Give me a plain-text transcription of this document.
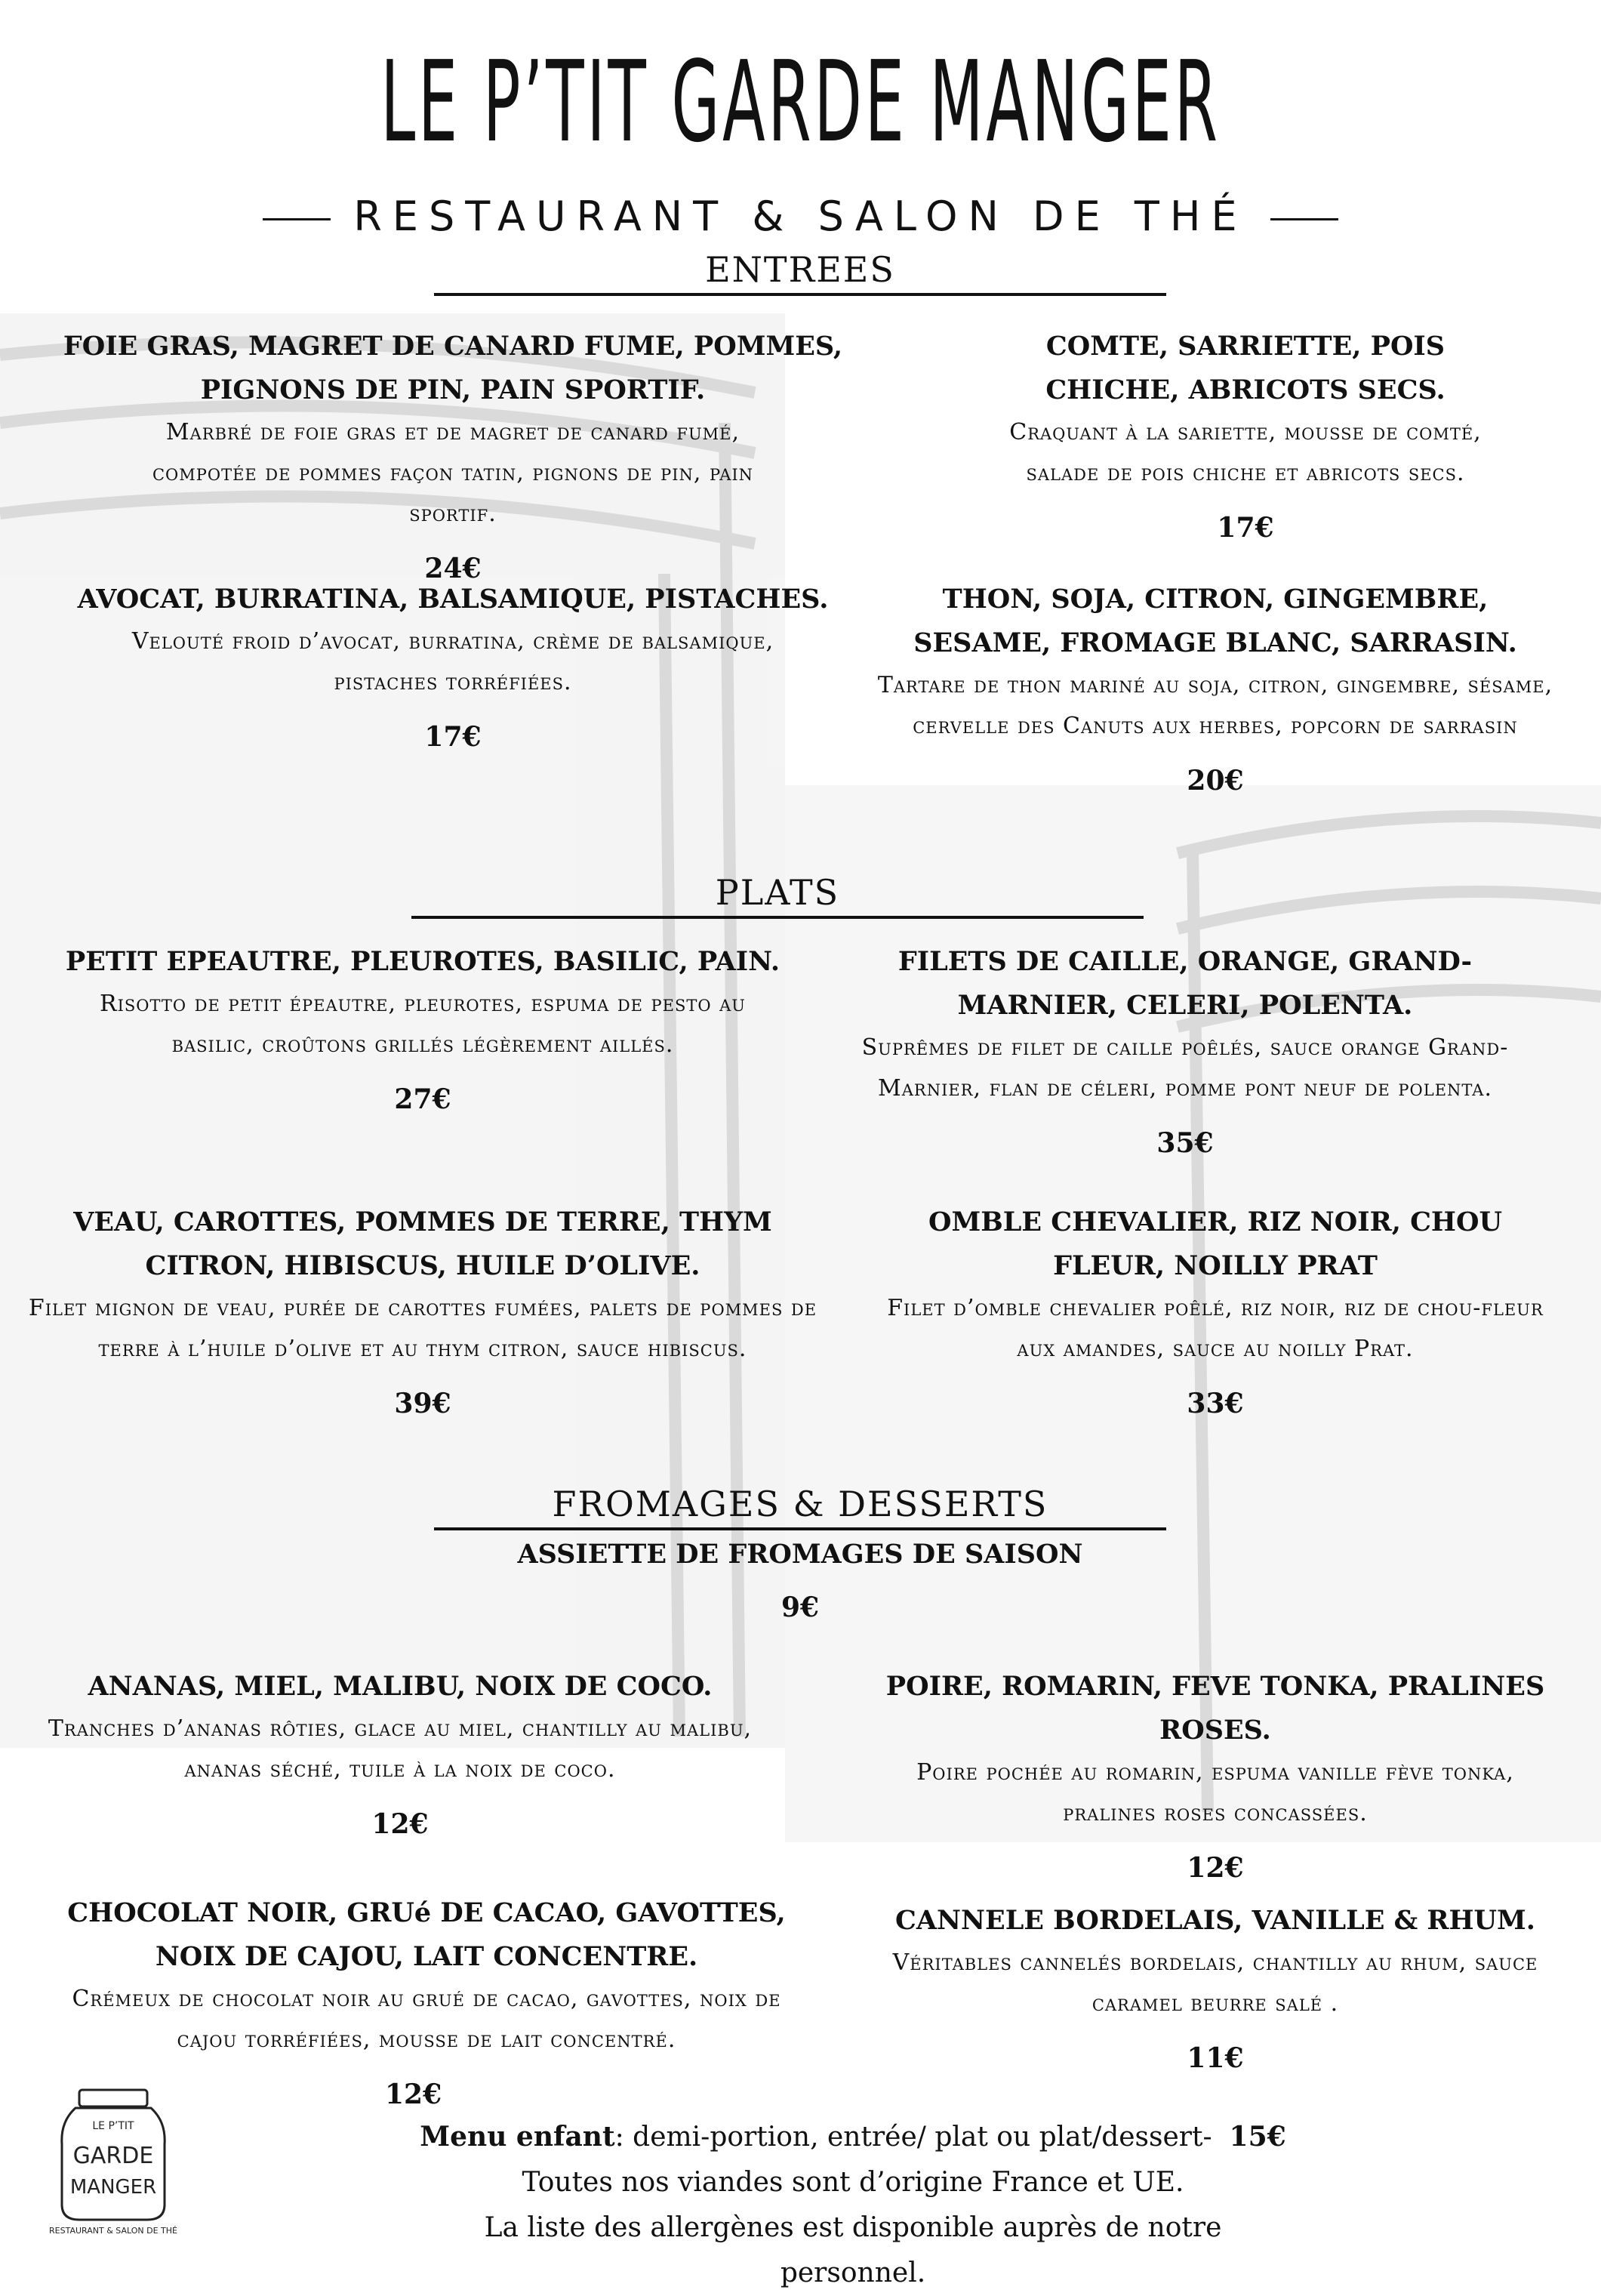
LE P’TIT GARDE MANGER
RESTAURANT & SALON DE THÉ
ENTREES
FOIE GRAS, MAGRET DE CANARD FUME, POMMES, PIGNONS DE PIN, PAIN SPORTIF.
Marbré de foie gras et de magret de canard fumé, compotée de pommes façon tatin, pignons de pin, pain sportif.
24€
COMTE, SARRIETTE, POIS CHICHE, ABRICOTS SECS.
Craquant à la sariette, mousse de comté, salade de pois chiche et abricots secs.
17€
AVOCAT, BURRATINA, BALSAMIQUE, PISTACHES.
Velouté froid d’avocat, burratina, crème de balsamique, pistaches torréfiées.
17€
THON, SOJA, CITRON, GINGEMBRE, SESAME, FROMAGE BLANC, SARRASIN.
Tartare de thon mariné au soja, citron, gingembre, sésame, cervelle des Canuts aux herbes, popcorn de sarrasin
20€
PLATS
PETIT EPEAUTRE, PLEUROTES, BASILIC, PAIN.
Risotto de petit épeautre, pleurotes, espuma de pesto au basilic, croûtons grillés légèrement aillés.
27€
FILETS DE CAILLE, ORANGE, GRAND-MARNIER, CELERI, POLENTA.
Suprêmes de filet de caille poêlés, sauce orange Grand-Marnier, flan de céleri, pomme pont neuf de polenta.
35€
VEAU, CAROTTES, POMMES DE TERRE, THYM CITRON, HIBISCUS, HUILE D’OLIVE.
Filet mignon de veau, purée de carottes fumées, palets de pommes de terre à l’huile d’olive et au thym citron, sauce hibiscus.
39€
OMBLE CHEVALIER, RIZ NOIR, CHOU FLEUR, NOILLY PRAT
Filet d’omble chevalier poêlé, riz noir, riz de chou-fleur aux amandes, sauce au noilly Prat.
33€
FROMAGES & DESSERTS
ASSIETTE DE FROMAGES DE SAISON
9€
ANANAS, MIEL, MALIBU, NOIX DE COCO.
Tranches d’ananas rôties, glace au miel, chantilly au malibu, ananas séché, tuile à la noix de coco.
12€
POIRE, ROMARIN, FEVE TONKA, PRALINES ROSES.
Poire pochée au romarin, espuma vanille fève tonka, pralines roses concassées.
12€
CHOCOLAT NOIR, GRUé DE CACAO, GAVOTTES, NOIX DE CAJOU, LAIT CONCENTRE.
Crémeux de chocolat noir au grué de cacao, gavottes, noix de cajou torréfiées, mousse de lait concentré.
12€
CANNELE BORDELAIS, VANILLE & RHUM.
Véritables cannelés bordelais, chantilly au rhum, sauce caramel beurre salé .
11€
Menu enfant: demi-portion, entrée/ plat ou plat/dessert- 15€
Toutes nos viandes sont d’origine France et UE.
La liste des allergènes est disponible auprès de notre personnel.
LE P’TIT
GARDE
MANGER
RESTAURANT & SALON DE THÉ
